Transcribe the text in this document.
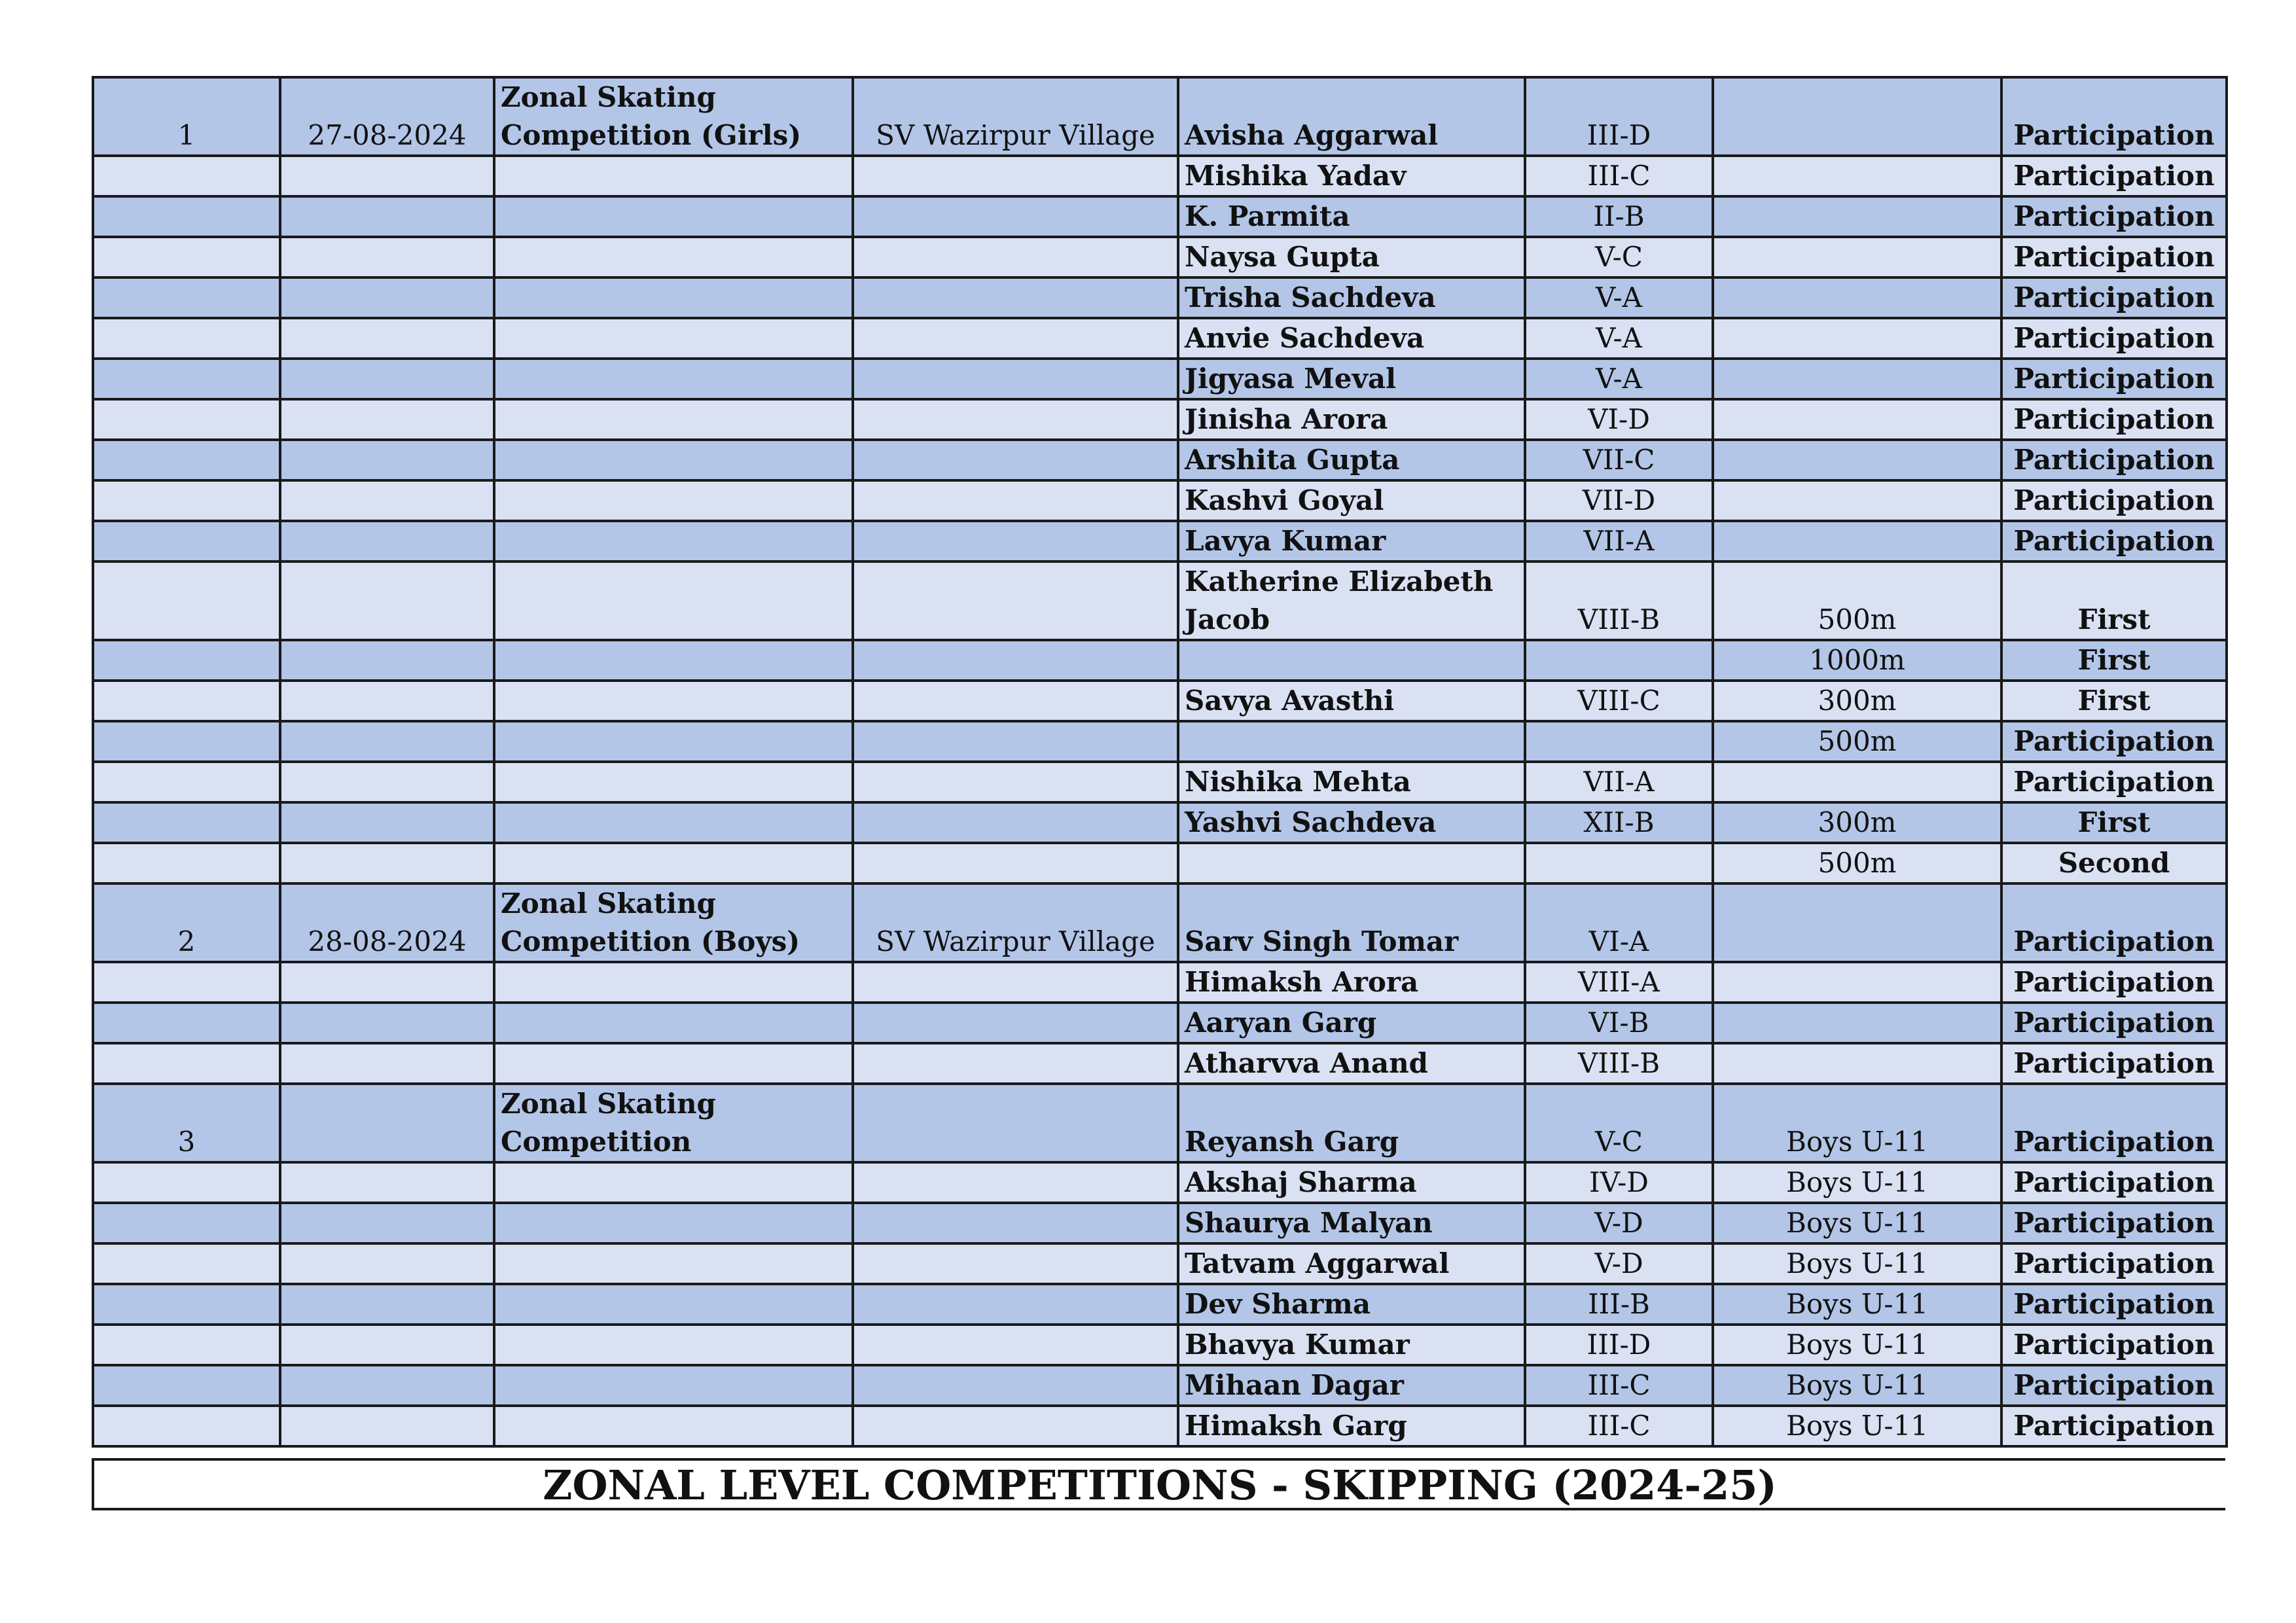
1	27-08-2024	Zonal Skating Competition (Girls)	SV Wazirpur Village	Avisha Aggarwal	III-D		Participation
				Mishika Yadav	III-C		Participation
				K. Parmita	II-B		Participation
				Naysa Gupta	V-C		Participation
				Trisha Sachdeva	V-A		Participation
				Anvie Sachdeva	V-A		Participation
				Jigyasa Meval	V-A		Participation
				Jinisha Arora	VI-D		Participation
				Arshita Gupta	VII-C		Participation
				Kashvi Goyal	VII-D		Participation
				Lavya Kumar	VII-A		Participation
				Katherine Elizabeth Jacob	VIII-B	500m	First
						1000m	First
				Savya Avasthi	VIII-C	300m	First
						500m	Participation
				Nishika Mehta	VII-A		Participation
				Yashvi Sachdeva	XII-B	300m	First
						500m	Second
2	28-08-2024	Zonal Skating Competition (Boys)	SV Wazirpur Village	Sarv Singh Tomar	VI-A		Participation
				Himaksh Arora	VIII-A		Participation
				Aaryan Garg	VI-B		Participation
				Atharvva Anand	VIII-B		Participation
3		Zonal Skating Competition		Reyansh Garg	V-C	Boys U-11	Participation
				Akshaj Sharma	IV-D	Boys U-11	Participation
				Shaurya Malyan	V-D	Boys U-11	Participation
				Tatvam Aggarwal	V-D	Boys U-11	Participation
				Dev Sharma	III-B	Boys U-11	Participation
				Bhavya Kumar	III-D	Boys U-11	Participation
				Mihaan Dagar	III-C	Boys U-11	Participation
				Himaksh Garg	III-C	Boys U-11	Participation
ZONAL LEVEL COMPETITIONS - SKIPPING (2024-25)
